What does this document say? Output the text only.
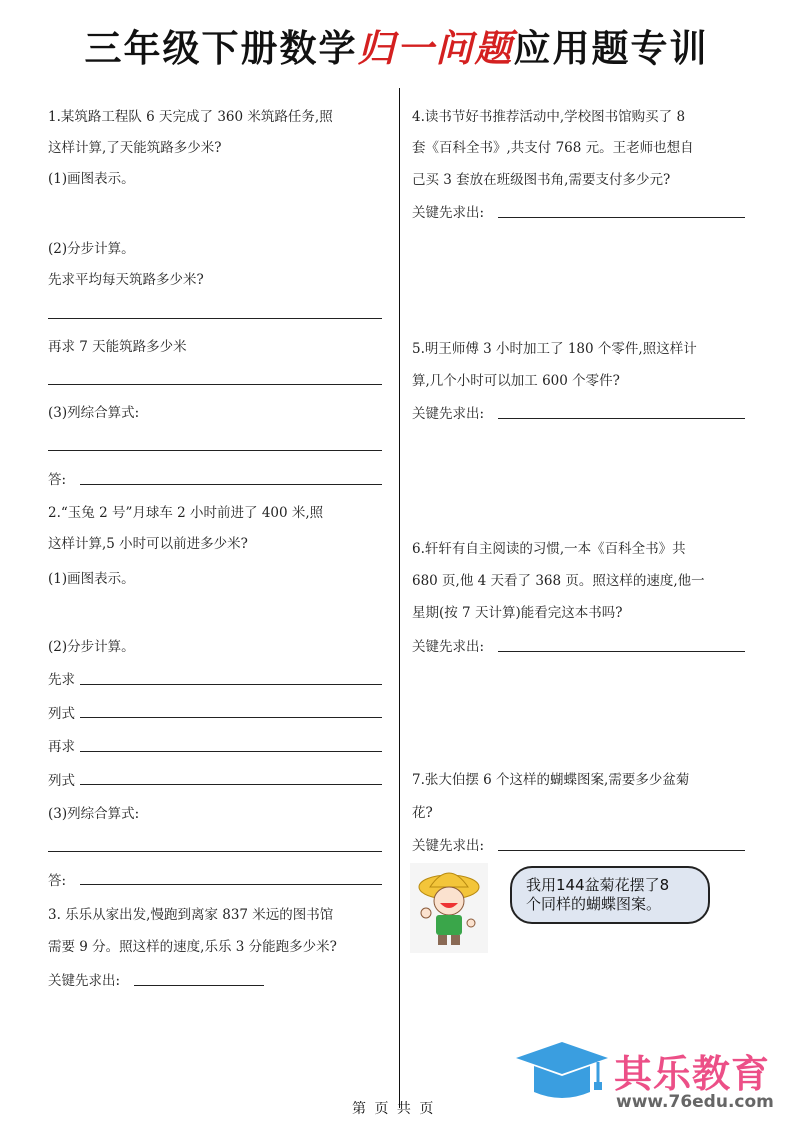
三年级下册数学归一问题应用题专训
1.某筑路工程队 6 天完成了 360 米筑路任务,照
这样计算,了天能筑路多少米?
(1)画图表示。
(2)分步计算。
先求平均每天筑路多少米?
再求 7 天能筑路多少米
(3)列综合算式:
答:
2.“玉兔 2 号”月球车 2 小时前进了 400 米,照
这样计算,5 小时可以前进多少米?
(1)画图表示。
(2)分步计算。
先求
列式
再求
列式
(3)列综合算式:
答:
3. 乐乐从家出发,慢跑到离家 837 米远的图书馆
需要 9 分。照这样的速度,乐乐 3 分能跑多少米?
关键先求出:
4.读书节好书推荐活动中,学校图书馆购买了 8
套《百科全书》,共支付 768 元。王老师也想自
己买 3 套放在班级图书角,需要支付多少元?
关键先求出:
5.明王师傅 3 小时加工了 180 个零件,照这样计
算,几个小时可以加工 600 个零件?
关键先求出:
6.轩轩有自主阅读的习惯,一本《百科全书》共
680 页,他 4 天看了 368 页。照这样的速度,他一
星期(按 7 天计算)能看完这本书吗?
关键先求出:
7.张大伯摆 6 个这样的蝴蝶图案,需要多少盆菊
花?
关键先求出:
我用144盆菊花摆了8
个同样的蝴蝶图案。
其乐教育
www.76edu.com
第 页 共 页
